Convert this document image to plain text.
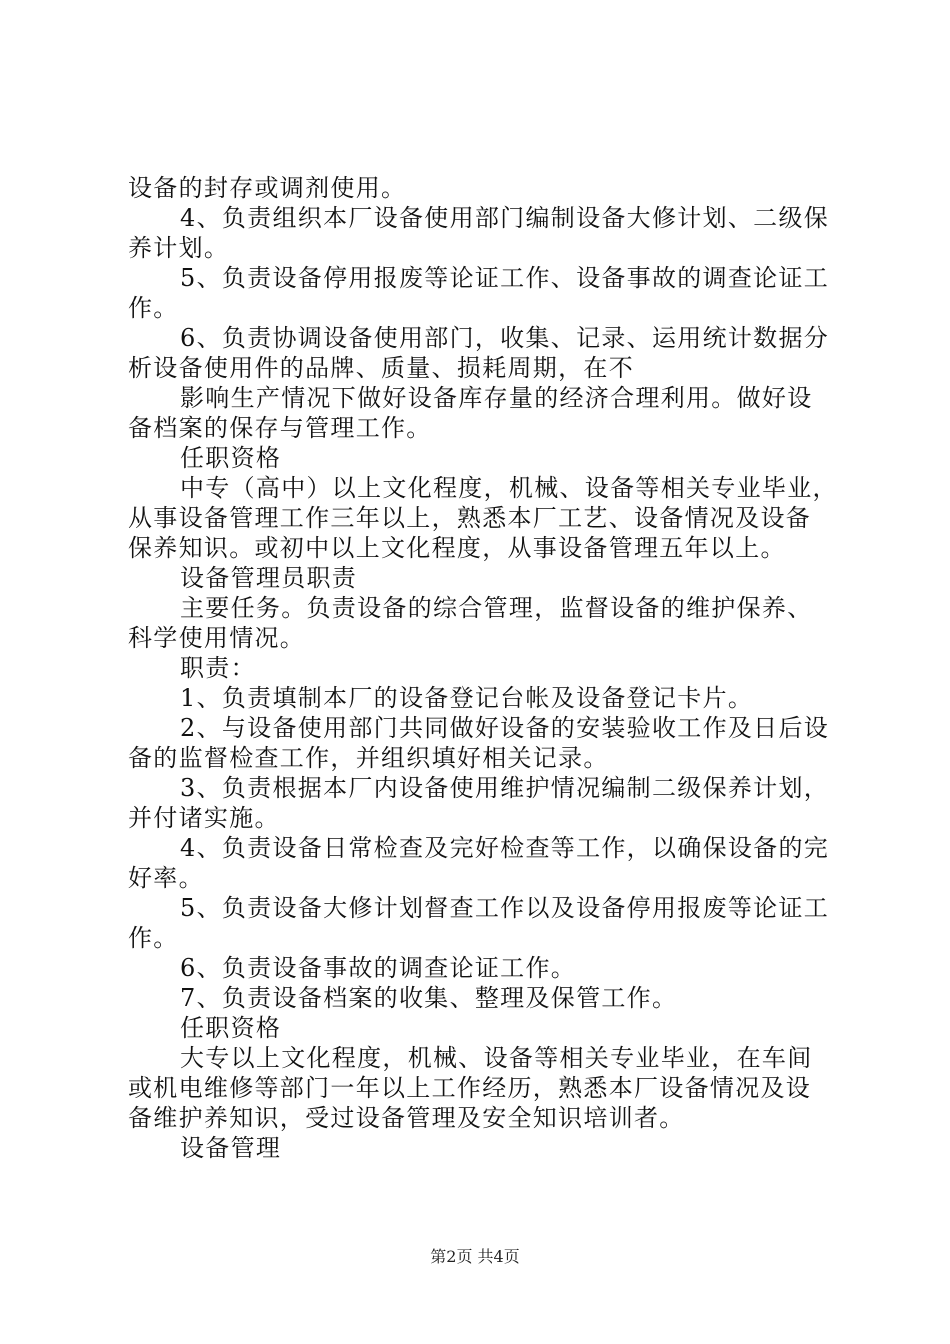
设备的封存或调剂使用。
4、负责组织本厂设备使用部门编制设备大修计划、二级保
养计划。
5、负责设备停用报废等论证工作、设备事故的调查论证工
作。
6、负责协调设备使用部门，收集、记录、运用统计数据分
析设备使用件的品牌、质量、损耗周期，在不
影响生产情况下做好设备库存量的经济合理利用。做好设
备档案的保存与管理工作。
任职资格
中专（高中）以上文化程度，机械、设备等相关专业毕业，
从事设备管理工作三年以上，熟悉本厂工艺、设备情况及设备
保养知识。或初中以上文化程度，从事设备管理五年以上。
设备管理员职责
主要任务。负责设备的综合管理，监督设备的维护保养、
科学使用情况。
职责：
1、负责填制本厂的设备登记台帐及设备登记卡片。
2、与设备使用部门共同做好设备的安装验收工作及日后设
备的监督检查工作，并组织填好相关记录。
3、负责根据本厂内设备使用维护情况编制二级保养计划，
并付诸实施。
4、负责设备日常检查及完好检查等工作，以确保设备的完
好率。
5、负责设备大修计划督查工作以及设备停用报废等论证工
作。
6、负责设备事故的调查论证工作。
7、负责设备档案的收集、整理及保管工作。
任职资格
大专以上文化程度，机械、设备等相关专业毕业，在车间
或机电维修等部门一年以上工作经历，熟悉本厂设备情况及设
备维护养知识，受过设备管理及安全知识培训者。
设备管理
第2页 共4页
